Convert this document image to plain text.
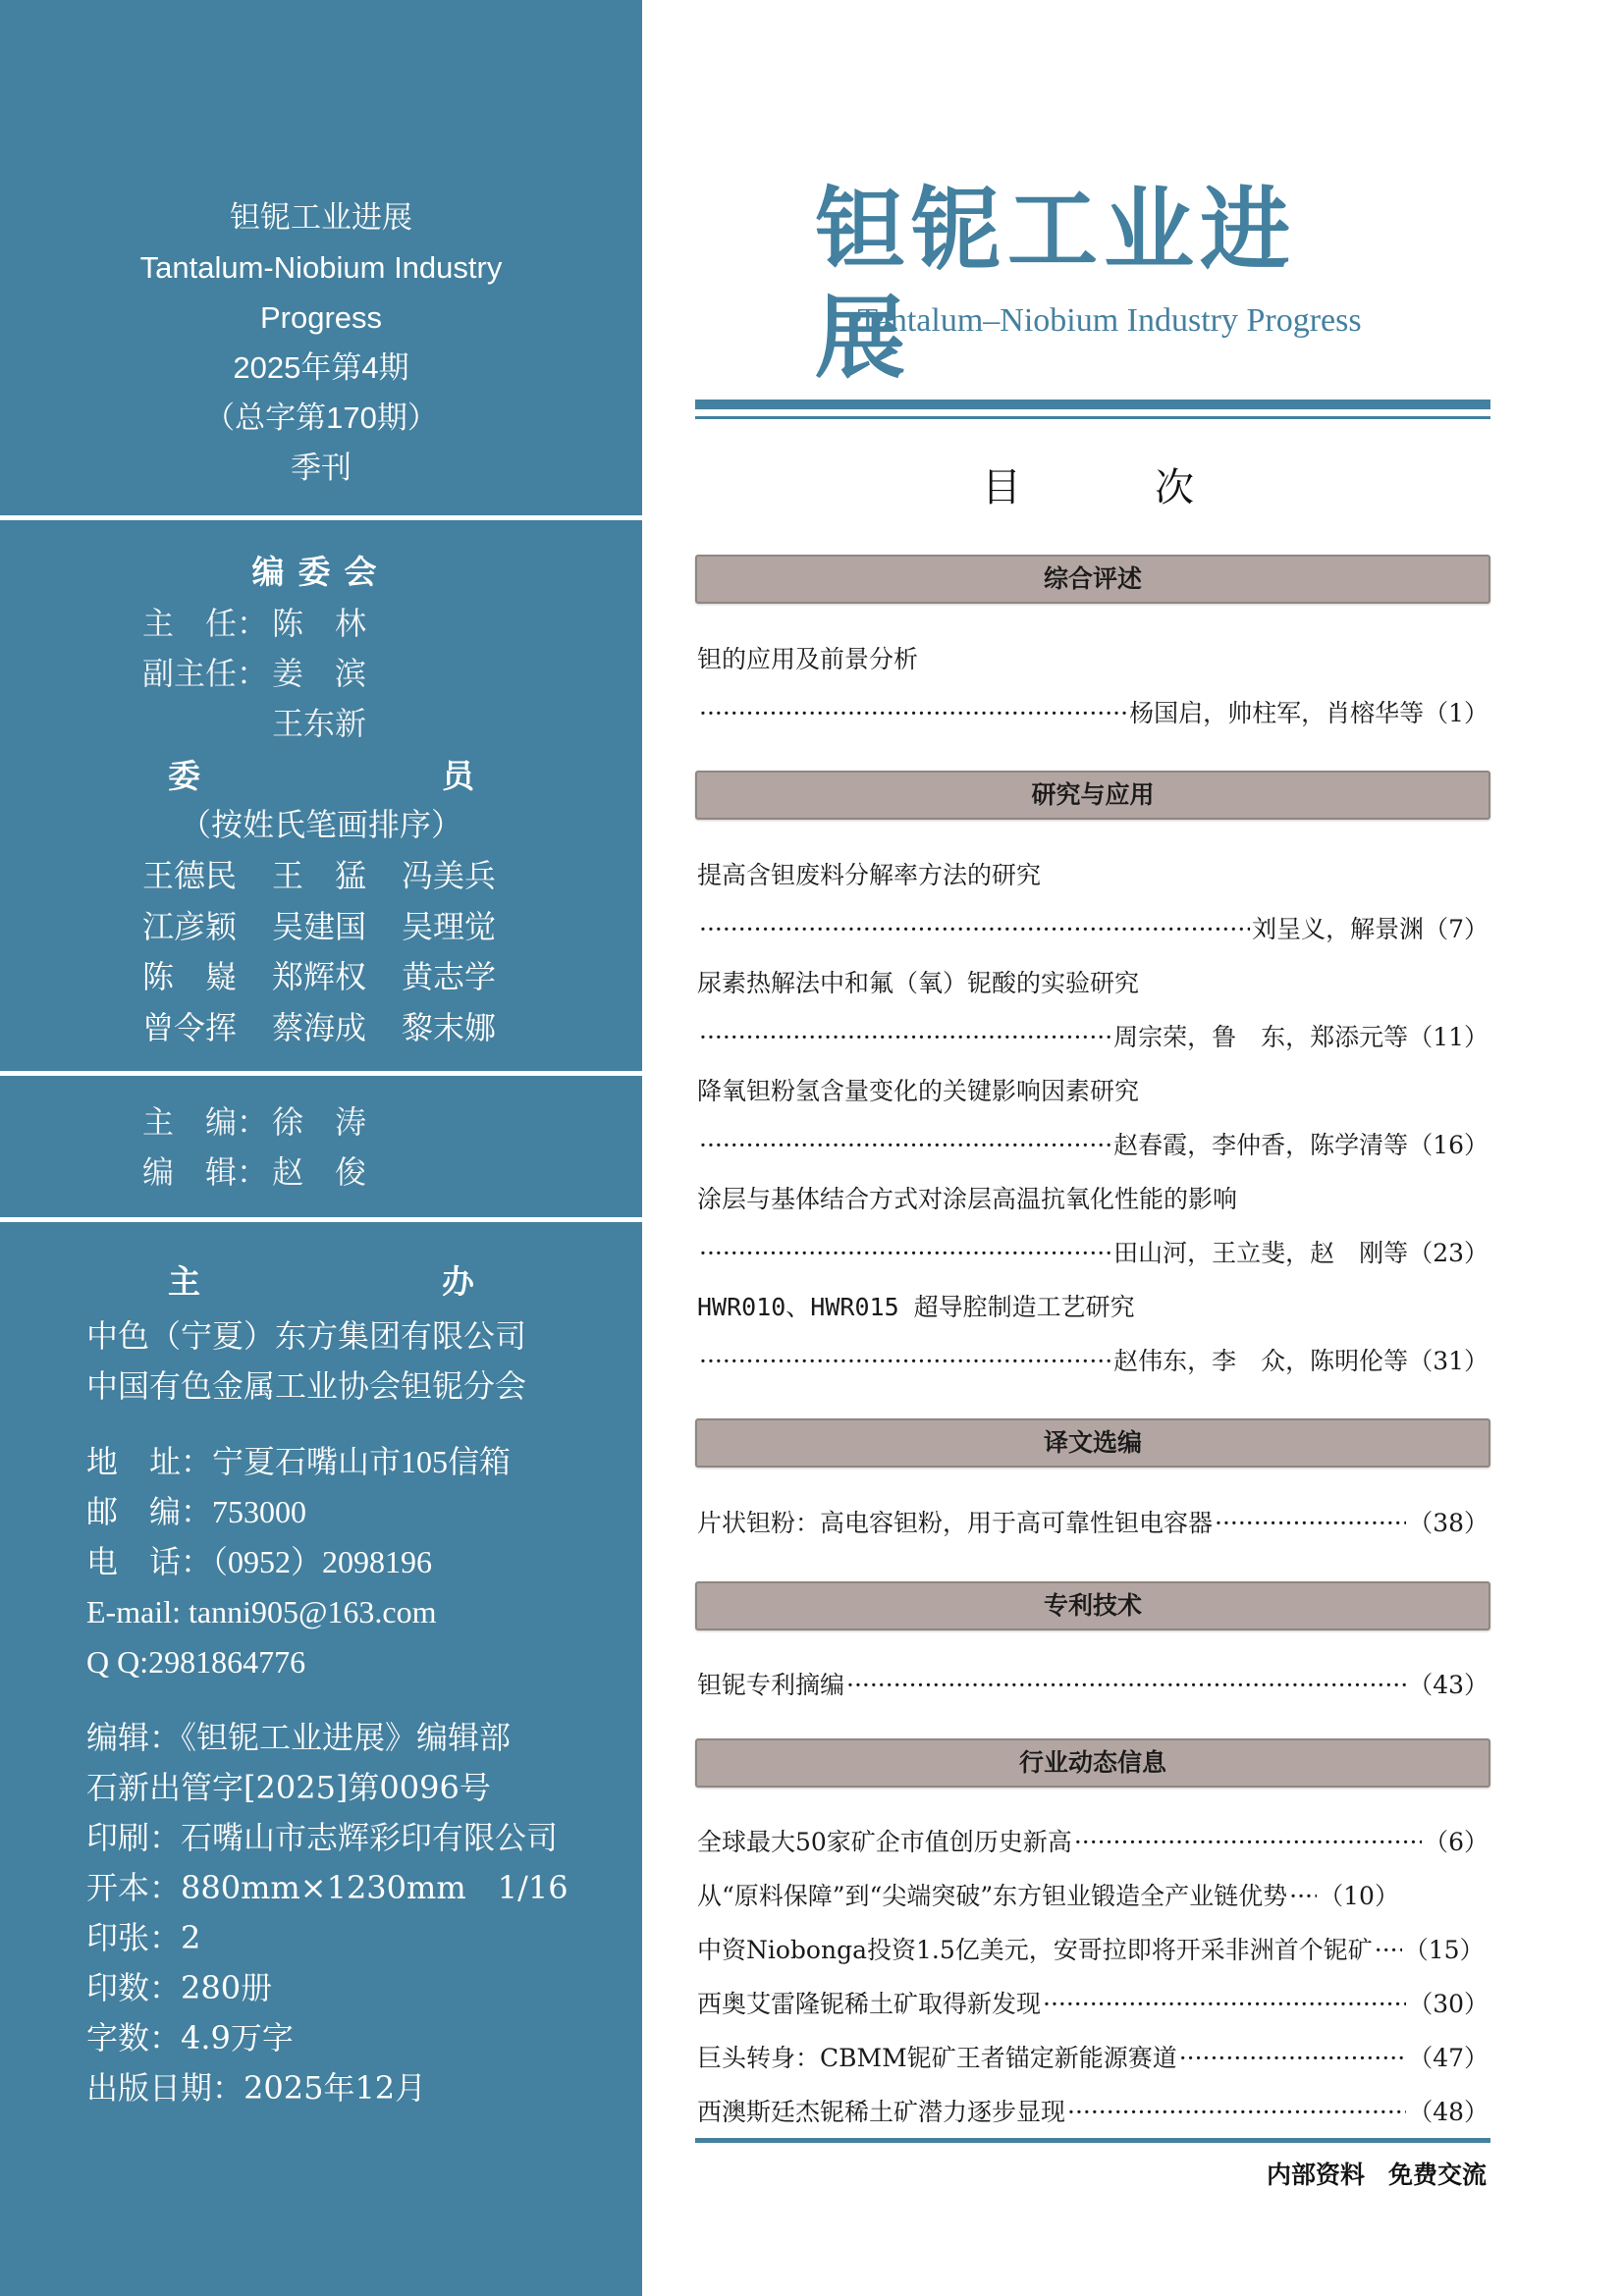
钽铌工业进展
Tantalum-Niobium Industry
Progress
2025年第4期
（总字第170期）
季刊
编委会
主　任： 陈　林
副主任： 姜　滨
王东新
委　　员
（按姓氏笔画排序）
王德民 王　猛 冯美兵
江彦颖 吴建国 吴理觉
陈　嶷 郑辉权 黄志学
曾令挥 蔡海成 黎末娜
主　编： 徐　涛
编　辑： 赵　俊
主　　办
中色（宁夏）东方集团有限公司
中国有色金属工业协会钽铌分会
地　址：宁夏石嘴山市105信箱
邮　编：753000
电　话：（0952）2098196
E-mail: tanni905@163.com
Q Q:2981864776
编辑：《钽铌工业进展》编辑部
石新出管字[2025]第0096号
印刷：石嘴山市志辉彩印有限公司
开本：880mm×1230mm　1/16
印张：2
印数：280册
字数：4.9万字
出版日期：2025年12月
钽铌工业进展
Tantalum–Niobium Industry Progress
目　次
综合评述
钽的应用及前景分析
·····
杨国启，帅柱军，肖榕华等 （1）
研究与应用
提高含钽废料分解率方法的研究
·····
刘呈义，解景渊 （7）
尿素热解法中和氟（氧）铌酸的实验研究
·····
周宗荣，鲁　东，郑添元等 （11）
降氧钽粉氢含量变化的关键影响因素研究
·····
赵春霞，李仲香，陈学清等 （16）
涂层与基体结合方式对涂层高温抗氧化性能的影响
·····
田山河，王立斐，赵　刚等 （23）
HWR010、HWR015 超导腔制造工艺研究
·····
赵伟东，李　众，陈明伦等 （31）
译文选编
片状钽粉：高电容钽粉，用于高可靠性钽电容器 ·····	（38）
专利技术
钽铌专利摘编 ·····	（43）
行业动态信息
全球最大50家矿企市值创历史新高 ·····	（6）
从“原料保障”到“尖端突破”东方钽业锻造全产业链优势 ····· （10）
中资Niobonga投资1.5亿美元，安哥拉即将开采非洲首个铌矿 ····· （15）
西奥艾雷隆铌稀土矿取得新发现 ·····	（30）
巨头转身：CBMM铌矿王者锚定新能源赛道 ·····	（47）
西澳斯廷杰铌稀土矿潜力逐步显现 ·····	（48）
内部资料 免费交流
